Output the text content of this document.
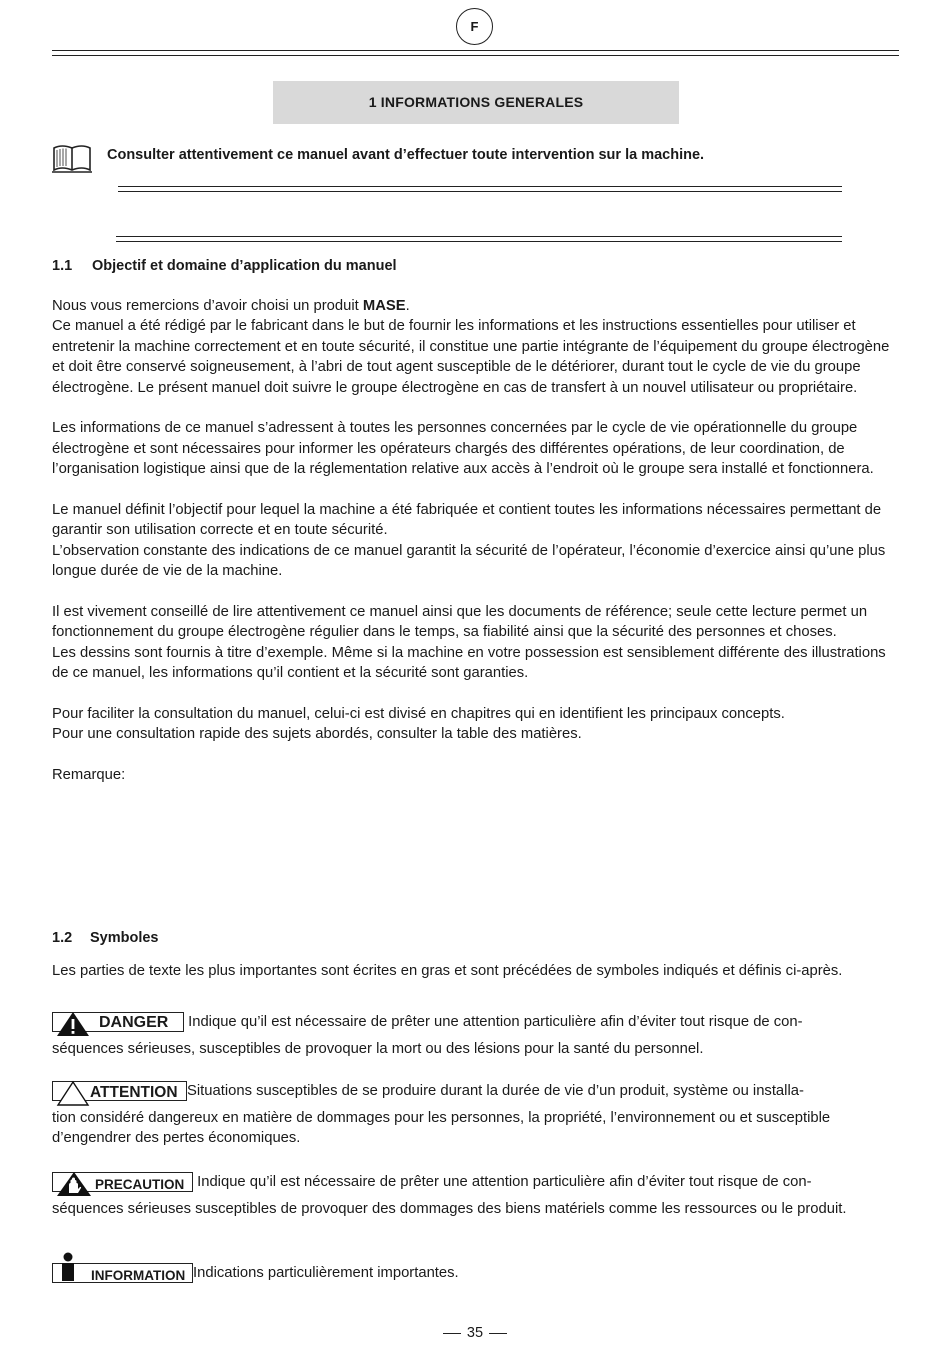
F
1 INFORMATIONS GENERALES
Consulter attentivement ce manuel avant d’effectuer toute intervention sur la machine.
1.1 Objectif et domaine d’application du manuel

Nous vous remercions d’avoir choisi un produit MASE.

Ce manuel a été rédigé par le fabricant dans le but de fournir les informations et les instructions essentielles pour utiliser et entretenir la machine correctement et en toute sécurité, il constitue une partie intégrante de l’équipement du groupe électrogène et doit être conservé soigneusement, à l’abri de tout agent susceptible de le détériorer, durant tout le cycle de vie du groupe électrogène. Le présent manuel doit suivre le groupe électrogène en cas de transfert à un nouvel utilisateur ou propriétaire.

Les informations de ce manuel s’adressent à toutes les personnes concernées par le cycle de vie opérationnelle du groupe électrogène et sont nécessaires pour informer les opérateurs chargés des différentes opérations, de leur coordination, de l’organisation logistique ainsi que de la réglementation relative aux accès à l’endroit où le groupe sera installé et fonctionnera.

Le manuel définit l’objectif pour lequel la machine a été fabriquée et contient toutes les informations nécessaires permettant de garantir son utilisation correcte et en toute sécurité.

L’observation constante des indications de ce manuel garantit la sécurité de l’opérateur, l’économie d’exercice ainsi qu’une plus longue durée de vie de la machine.

Il est vivement conseillé de lire attentivement ce manuel ainsi que les documents de référence; seule cette lecture permet un fonctionnement du groupe électrogène régulier dans le temps, sa fiabilité ainsi que la sécurité des personnes et choses.

Les dessins sont fournis à titre d’exemple. Même si la machine en votre possession est sensiblement différente des illustrations de ce manuel, les informations qu’il contient et la sécurité sont garanties.

Pour faciliter la consultation du manuel, celui-ci est divisé en chapitres qui en identifient les principaux concepts.

Pour une consultation rapide des sujets abordés, consulter la table des matières.

Remarque:

1.2 Symboles
Les parties de texte les plus importantes sont écrites en gras et sont précédées de symboles indiqués et définis ci-après.
DANGER Indique qu’il est nécessaire de prêter une attention particulière afin d’éviter tout risque de con-
séquences sérieuses, susceptibles de provoquer la mort ou des lésions pour la santé du personnel.
ATTENTION Situations susceptibles de se produire durant la durée de vie d’un produit, système ou installa-
tion considéré dangereux en matière de dommages pour les personnes, la propriété, l’environnement ou et susceptible d’engendrer des pertes économiques.
PRECAUTION Indique qu’il est nécessaire de prêter une attention particulière afin d’éviter tout risque de con-
séquences sérieuses susceptibles de provoquer des dommages des biens matériels comme les ressources ou le produit.
INFORMATION Indications particulièrement importantes.
35
